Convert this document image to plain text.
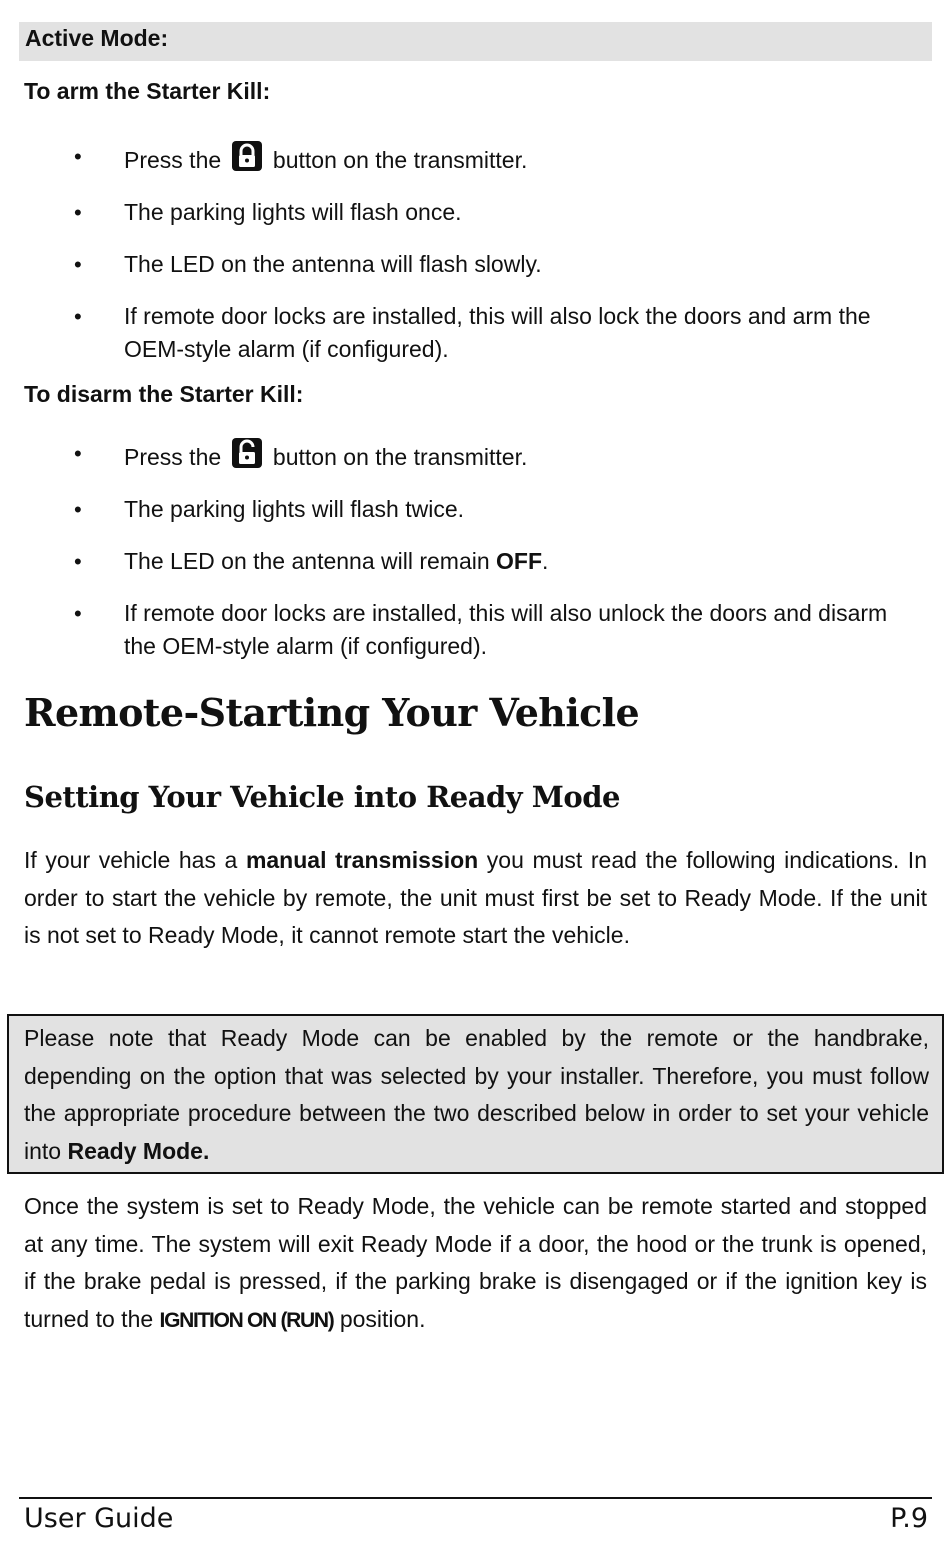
Active Mode:
To arm the Starter Kill:
• Press the  button on the transmitter.
• The parking lights will flash once.
• The LED on the antenna will flash slowly.
• If remote door locks are installed, this will also lock the doors and arm the OEM-style alarm (if configured).
To disarm the Starter Kill:
• Press the  button on the transmitter.
• The parking lights will flash twice.
• The LED on the antenna will remain OFF.
• If remote door locks are installed, this will also unlock the doors and disarm the OEM-style alarm (if configured).
Remote-Starting Your Vehicle
Setting Your Vehicle into Ready Mode

If your vehicle has a manual transmission you must read the following indications. In order to start the vehicle by remote, the unit must first be set to Ready Mode. If the unit is not set to Ready Mode, it cannot remote start the vehicle.

Please note that Ready Mode can be enabled by the remote or the handbrake, depending on the option that was selected by your installer. Therefore, you must follow the appropriate procedure between the two described below in order to set your vehicle into Ready Mode.

Once the system is set to Ready Mode, the vehicle can be remote started and stopped at any time. The system will exit Ready Mode if a door, the hood or the trunk is opened, if the brake pedal is pressed, if the parking brake is disengaged or if the ignition key is turned to the IGNITION ON (RUN) position.

User Guide	P.9
